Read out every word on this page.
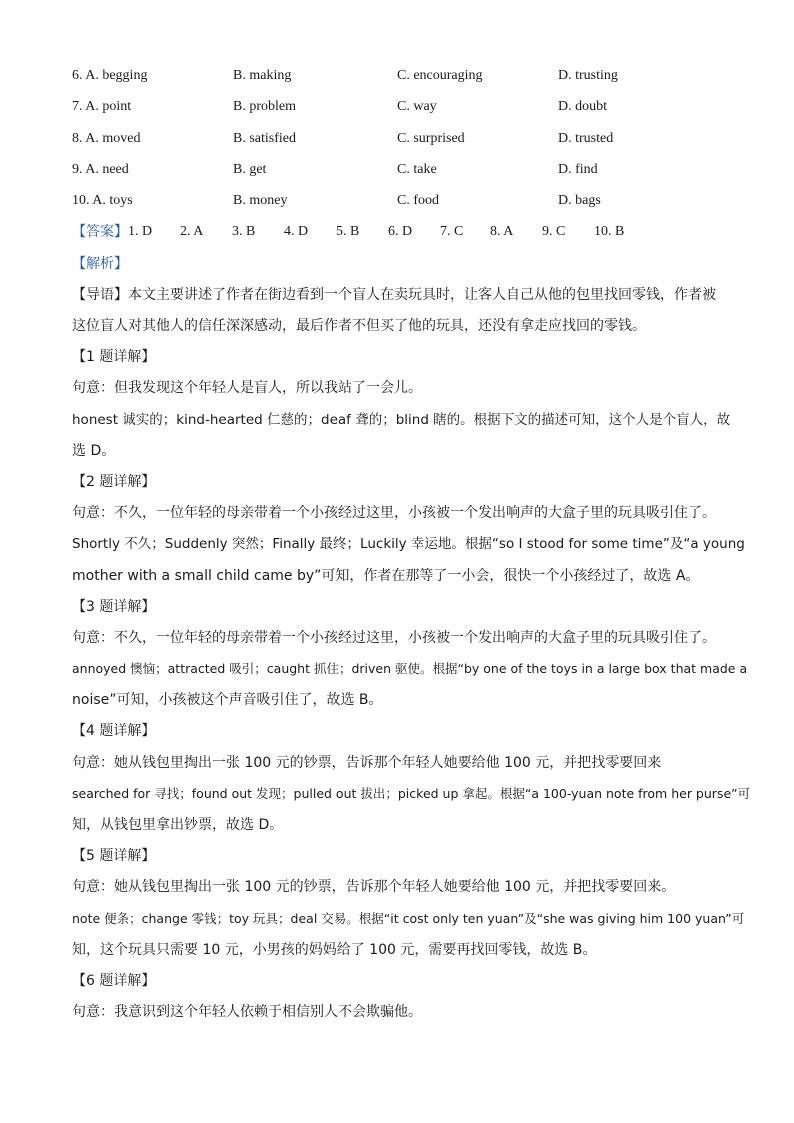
6. A. begging	B. making	C. encouraging	D. trusting
7. A. point	B. problem	C. way	D. doubt
8. A. moved	B. satisfied	C. surprised	D. trusted
9. A. need	B. get	C. take	D. find
10. A. toys	B. money	C. food	D. bags
【答案】 1. D 2. A 3. B 4. D 5. B 6. D 7. C 8. A 9. C 10. B
【解析】
【导语】本文主要讲述了作者在街边看到一个盲人在卖玩具时，让客人自己从他的包里找回零钱，作者被
这位盲人对其他人的信任深深感动，最后作者不但买了他的玩具，还没有拿走应找回的零钱。
【1 题详解】
句意：但我发现这个年轻人是盲人，所以我站了一会儿。
honest 诚实的；kind-hearted 仁慈的；deaf 聋的；blind 瞎的。根据下文的描述可知，这个人是个盲人，故
选 D。
【2 题详解】
句意：不久，一位年轻的母亲带着一个小孩经过这里，小孩被一个发出响声的大盒子里的玩具吸引住了。
Shortly 不久；Suddenly 突然；Finally 最终；Luckily 幸运地。根据“so I stood for some time”及“a young
mother with a small child came by”可知，作者在那等了一小会，很快一个小孩经过了，故选 A。
【3 题详解】
句意：不久，一位年轻的母亲带着一个小孩经过这里，小孩被一个发出响声的大盒子里的玩具吸引住了。
annoyed 懊恼；attracted 吸引；caught 抓住；driven 驱使。根据“by one of the toys in a large box that made a
noise”可知，小孩被这个声音吸引住了，故选 B。
【4 题详解】
句意：她从钱包里掏出一张 100 元的钞票，告诉那个年轻人她要给他 100 元，并把找零要回来
searched for 寻找；found out 发现；pulled out 拔出；picked up 拿起。根据“a 100-yuan note from her purse”可
知，从钱包里拿出钞票，故选 D。
【5 题详解】
句意：她从钱包里掏出一张 100 元的钞票，告诉那个年轻人她要给他 100 元，并把找零要回来。
note 便条；change 零钱；toy 玩具；deal 交易。根据“it cost only ten yuan”及“she was giving him 100 yuan”可
知，这个玩具只需要 10 元，小男孩的妈妈给了 100 元，需要再找回零钱，故选 B。
【6 题详解】
句意：我意识到这个年轻人依赖于相信别人不会欺骗他。
